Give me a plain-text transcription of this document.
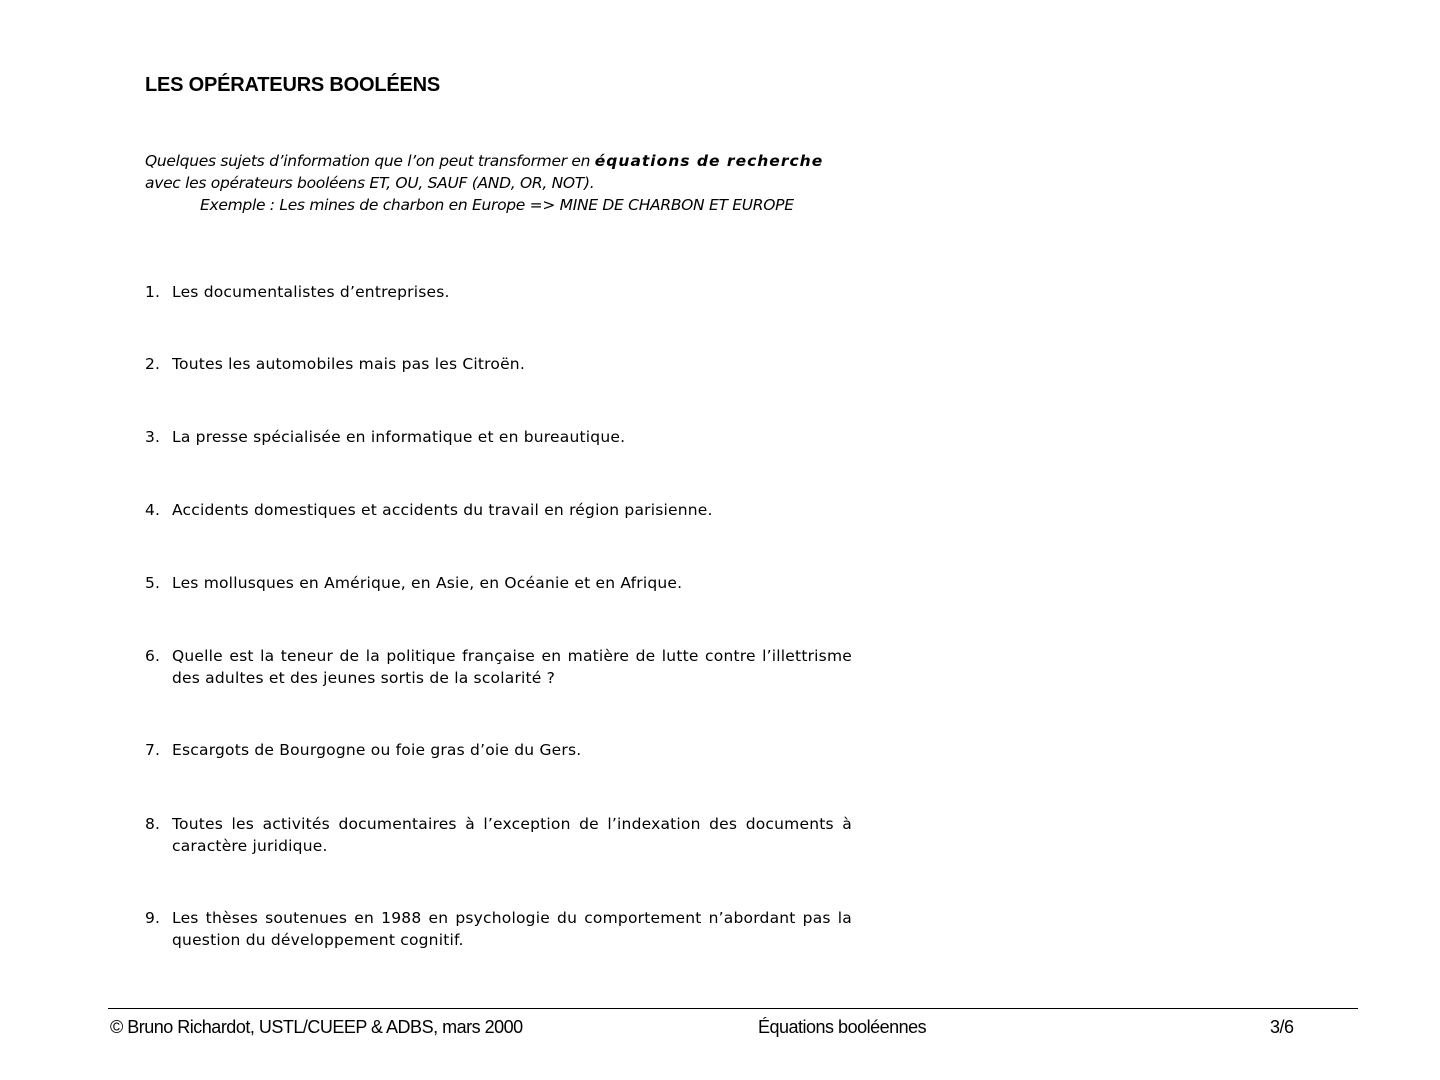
LES OPÉRATEURS BOOLÉENS
Quelques sujets d’information que l’on peut transformer en équations de recherche
avec les opérateurs booléens ET, OU, SAUF (AND, OR, NOT).
Exemple : Les mines de charbon en Europe => MINE DE CHARBON ET EUROPE
1. Les documentalistes d’entreprises.
2. Toutes les automobiles mais pas les Citroën.
3. La presse spécialisée en informatique et en bureautique.
4. Accidents domestiques et accidents du travail en région parisienne.
5. Les mollusques en Amérique, en Asie, en Océanie et en Afrique.
6. Quelle est la teneur de la politique française en matière de lutte contre l’illettrisme des adultes et des jeunes sortis de la scolarité ?
7. Escargots de Bourgogne ou foie gras d’oie du Gers.
8. Toutes les activités documentaires à l’exception de l’indexation des documents à caractère juridique.
9. Les thèses soutenues en 1988 en psychologie du comportement n’abordant pas la question du développement cognitif.
© Bruno Richardot, USTL/CUEEP & ADBS, mars 2000	Équations booléennes	3/6
